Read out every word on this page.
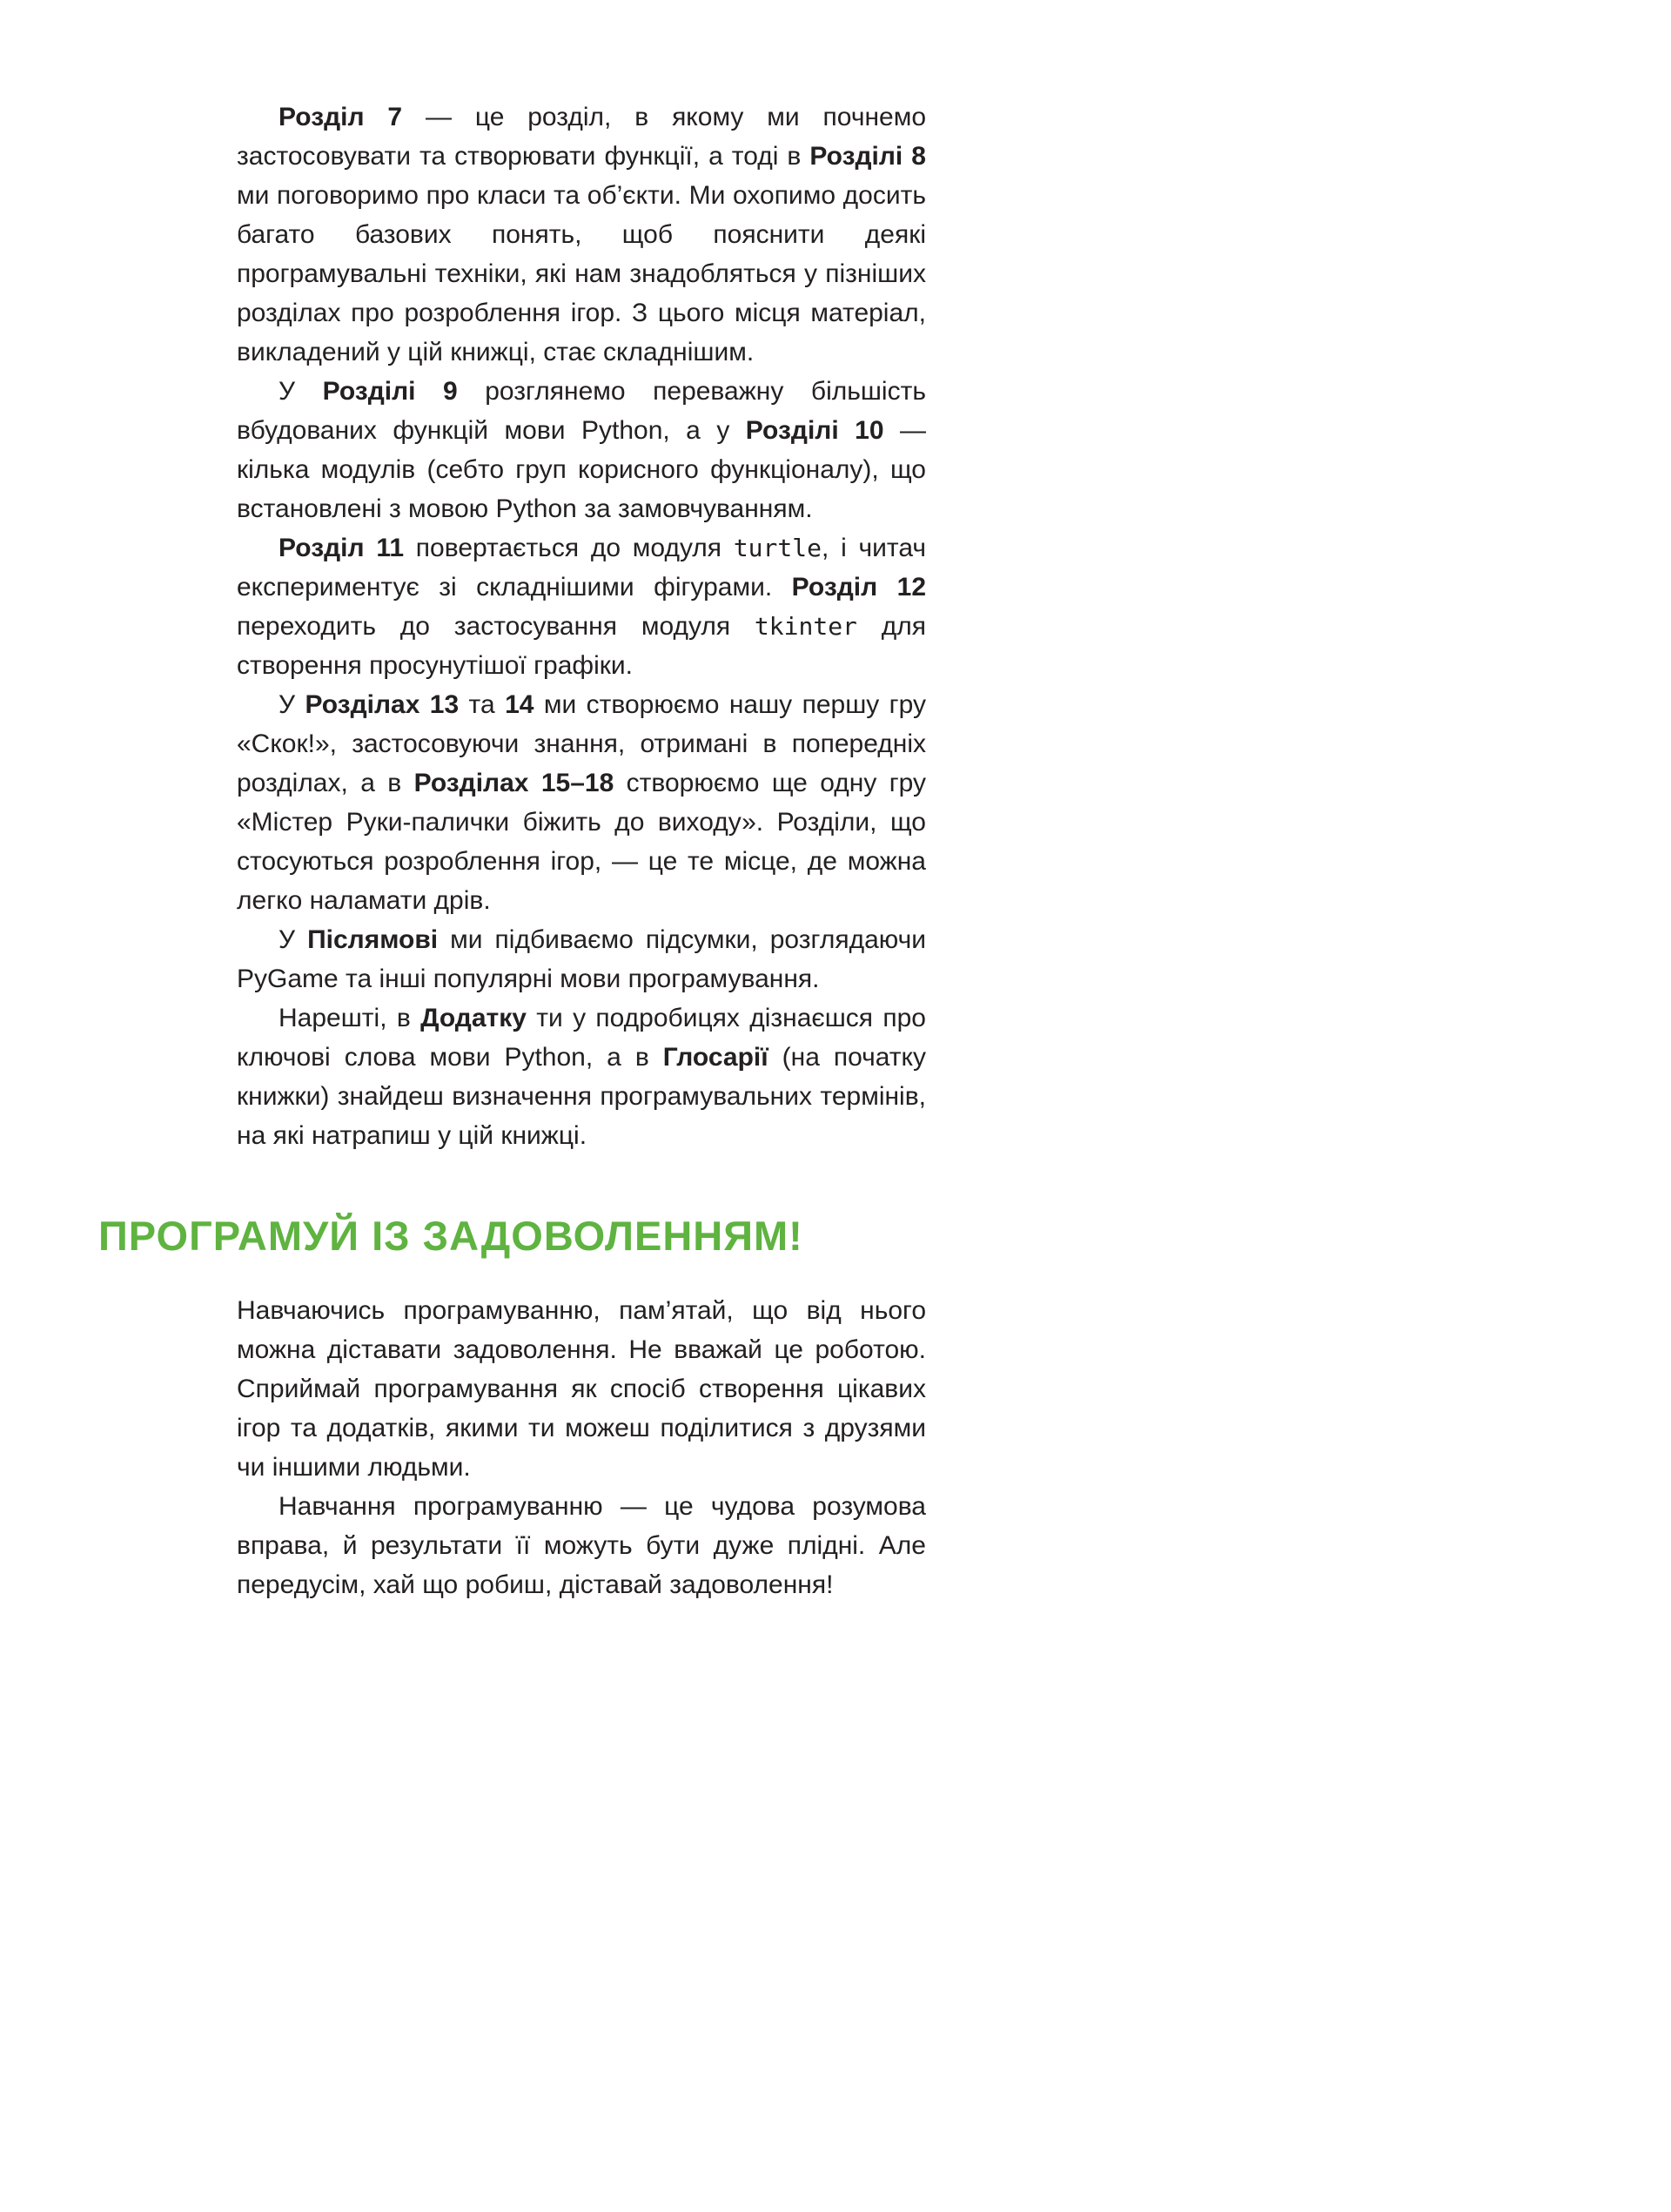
Розділ 7 — це розділ, в якому ми почнемо застосовувати та створювати функції, а тоді в Розділі 8 ми поговоримо про класи та об’єкти. Ми охопимо досить багато базових понять, щоб пояснити деякі програмувальні техніки, які нам знадобляться у пізніших розділах про розроблення ігор. З цього місця матеріал, викладений у цій книжці, стає складнішим.

У Розділі 9 розглянемо переважну більшість вбудованих функцій мови Python, а у Розділі 10 — кілька модулів (себто груп корисного функціоналу), що встановлені з мовою Python за замовчуванням.

Розділ 11 повертається до модуля turtle, і читач експериментує зі складнішими фігурами. Розділ 12 переходить до застосування модуля tkinter для створення просунутішої графіки.

У Розділах 13 та 14 ми створюємо нашу першу гру «Скок!», застосовуючи знання, отримані в попередніх розділах, а в Розділах 15–18 створюємо ще одну гру «Містер Руки-палички біжить до виходу». Розділи, що стосуються розроблення ігор, — це те місце, де можна легко наламати дрів.

У Післямові ми підбиваємо підсумки, розглядаючи PyGame та інші популярні мови програмування.

Нарешті, в Додатку ти у подробицях дізнаєшся про ключові слова мови Python, а в Глосарії (на початку книжки) знайдеш визначення програмувальних термінів, на які натрапиш у цій книжці.

ПРОГРАМУЙ ІЗ ЗАДОВОЛЕННЯМ!

Навчаючись програмуванню, пам’ятай, що від нього можна діставати задоволення. Не вважай це роботою. Сприймай програмування як спосіб створення цікавих ігор та додатків, якими ти можеш поділитися з друзями чи іншими людьми.

Навчання програмуванню — це чудова розумова вправа, й результати її можуть бути дуже плідні. Але передусім, хай що робиш, діставай задоволення!
